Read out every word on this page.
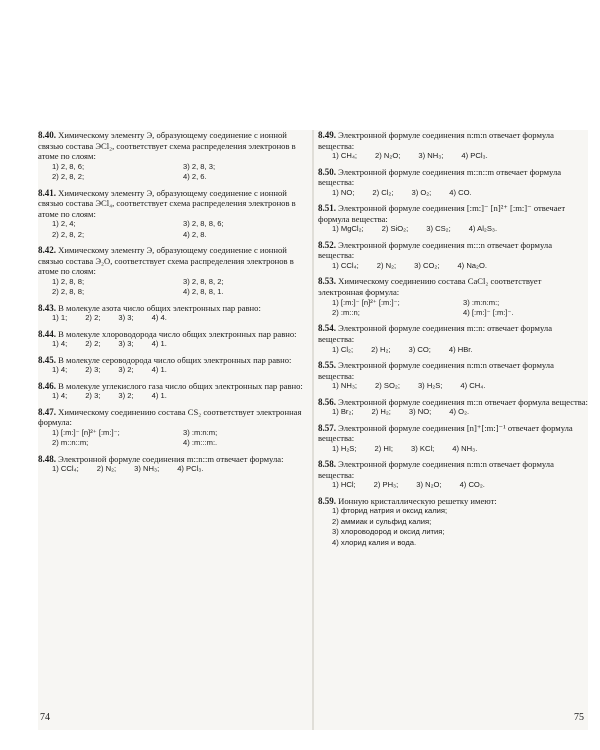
8.40. Химическому элементу Э, образующему соединение с ионной связью состава ЭCl₂, соответствует схема распределения электронов в атоме по слоям:
1) 2, 8, 6;	3) 2, 8, 3;
2) 2, 8, 2;	4) 2, 6.
8.41. Химическому элементу Э, образующему соединение с ионной связью состава ЭCl₄, соответствует схема распределения электронов в атоме по слоям:
1) 2, 4;	3) 2, 8, 8, 6;
2) 2, 8, 2;	4) 2, 8.
8.42. Химическому элементу Э, образующему соединение с ионной связью состава Э₂O, соответствует схема распределения электронов в атоме по слоям:
1) 2, 8, 8;	3) 2, 8, 8, 2;
2) 2, 8, 8;	4) 2, 8, 8, 1.
8.43. В молекуле азота число общих электронных пар равно:
1) 1; 2) 2; 3) 3; 4) 4.
8.44. В молекуле хлороводорода число общих электронных пар равно:
1) 4; 2) 2; 3) 3; 4) 1.
8.45. В молекуле сероводорода число общих электронных пар равно:
1) 4; 2) 3; 3) 2; 4) 1.
8.46. В молекуле углекислого газа число общих электронных пар равно:
1) 4; 2) 3; 3) 2; 4) 1.
8.47. Химическому соединению состава CS₂ соответствует электронная формула:
1) [:m:]⁻ [n]²⁺ [:m:]⁻;	3) :m:n:m;
2) m::n::m;	4) :m:::m:.
8.48. Электронной формуле соединения m::n::m отвечает формула:
1) CCl₄; 2) N₂; 3) NH₃; 4) PCl₃.
74
8.49. Электронной формуле соединения n:m:n отвечает формула вещества:
1) CH₄; 2) N₂O; 3) NH₃; 4) PCl₃.
8.50. Электронной формуле соединения m::n::m отвечает формула вещества:
1) NO; 2) Cl₂; 3) O₂; 4) CO.
8.51. Электронной формуле соединения [:m:]⁻ [n]²⁺ [:m:]⁻ отвечает формула вещества:
1) MgCl₂; 2) SiO₂; 3) CS₂; 4) Al₂S₃.
8.52. Электронной формуле соединения m:::n отвечает формула вещества:
1) CCl₄; 2) N₂; 3) CO₂; 4) Na₂O.
8.53. Химическому соединению состава CaCl₂ соответствует электронная формула:
1) [:m:]⁻ [n]²⁺ [:m:]⁻;	3) :m:n:m:;
2) :m::n;	4) [:m:]⁻ [:m:]⁻.
8.54. Электронной формуле соединения m::n: отвечает формула вещества:
1) Cl₂; 2) H₂; 3) CO; 4) HBr.
8.55. Электронной формуле соединения n:m:n отвечает формула вещества:
1) NH₃; 2) SO₂; 3) H₂S; 4) CH₄.
8.56. Электронной формуле соединения m::n отвечает формула вещества:
1) Br₂; 2) H₂; 3) NO; 4) O₂.
8.57. Электронной формуле соединения [n]⁺[:m:]⁻¹ отвечает формула вещества:
1) H₂S; 2) HI; 3) KCl; 4) NH₃.
8.58. Электронной формуле соединения n:m:n отвечает формула вещества:
1) HCl; 2) PH₃; 3) N₂O; 4) CO₂.
8.59. Ионную кристаллическую решетку имеют:
1) фторид натрия и оксид калия;
2) аммиак и сульфид калия;
3) хлороводород и оксид лития;
4) хлорид калия и вода.
75
